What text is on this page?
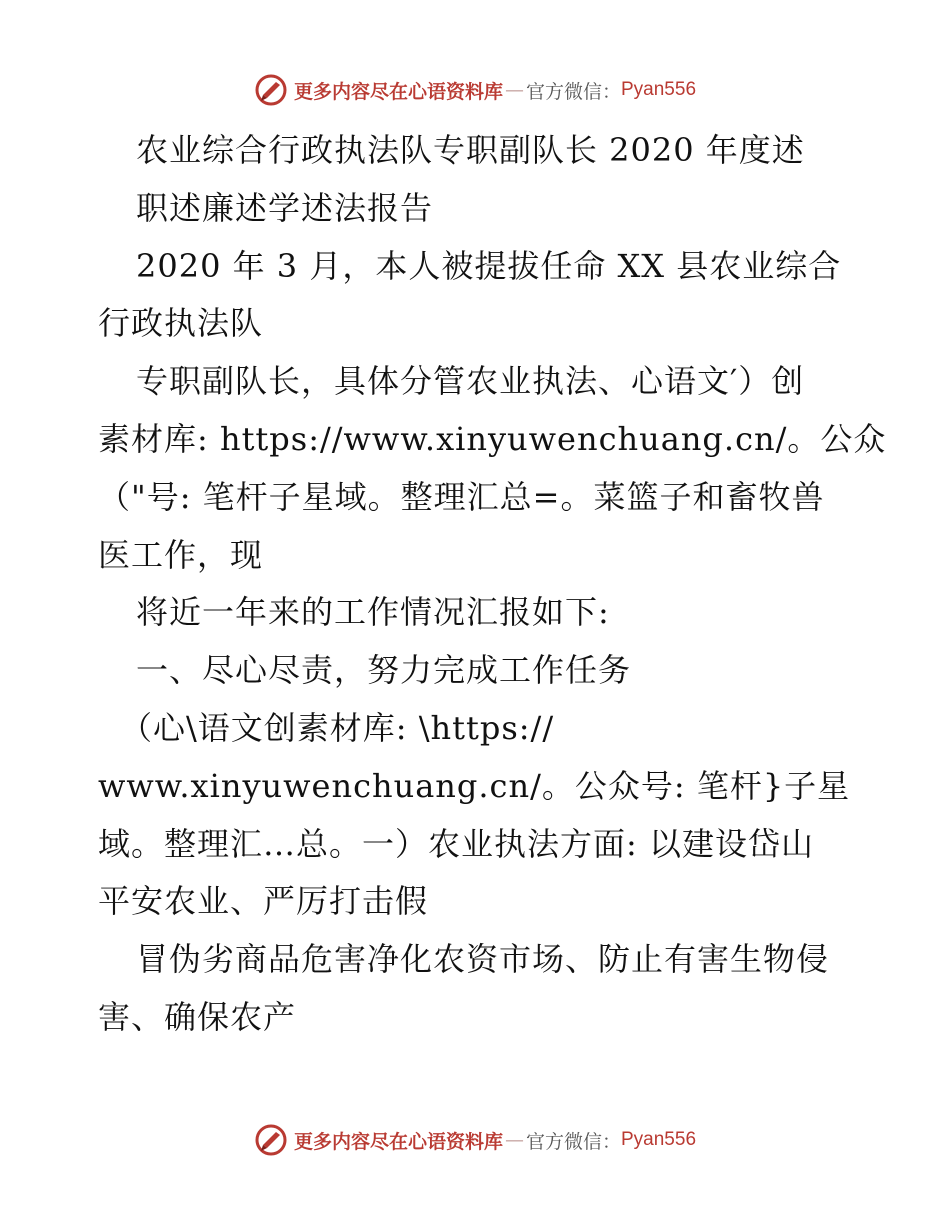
更多内容尽在心语资料库 — 官方微信： Pyan556
农业综合行政执法队专职副队长 2020 年度述
职述廉述学述法报告
2020 年 3 月，本人被提拔任命 XX 县农业综合
行政执法队
专职副队长，具体分管农业执法、心语文′）创
素材库: https://www.xinyuwenchuang.cn/。公众
（"号: 笔杆子星域。整理汇总=。菜篮子和畜牧兽
医工作，现
将近一年来的工作情况汇报如下:
一、尽心尽责，努力完成工作任务
（心\语文创素材库: \https://
www.xinyuwenchuang.cn/。公众号: 笔杆}子星
域。整理汇…总。一）农业执法方面: 以建设岱山
平安农业、严厉打击假
冒伪劣商品危害净化农资市场、防止有害生物侵
害、确保农产
更多内容尽在心语资料库 — 官方微信： Pyan556
